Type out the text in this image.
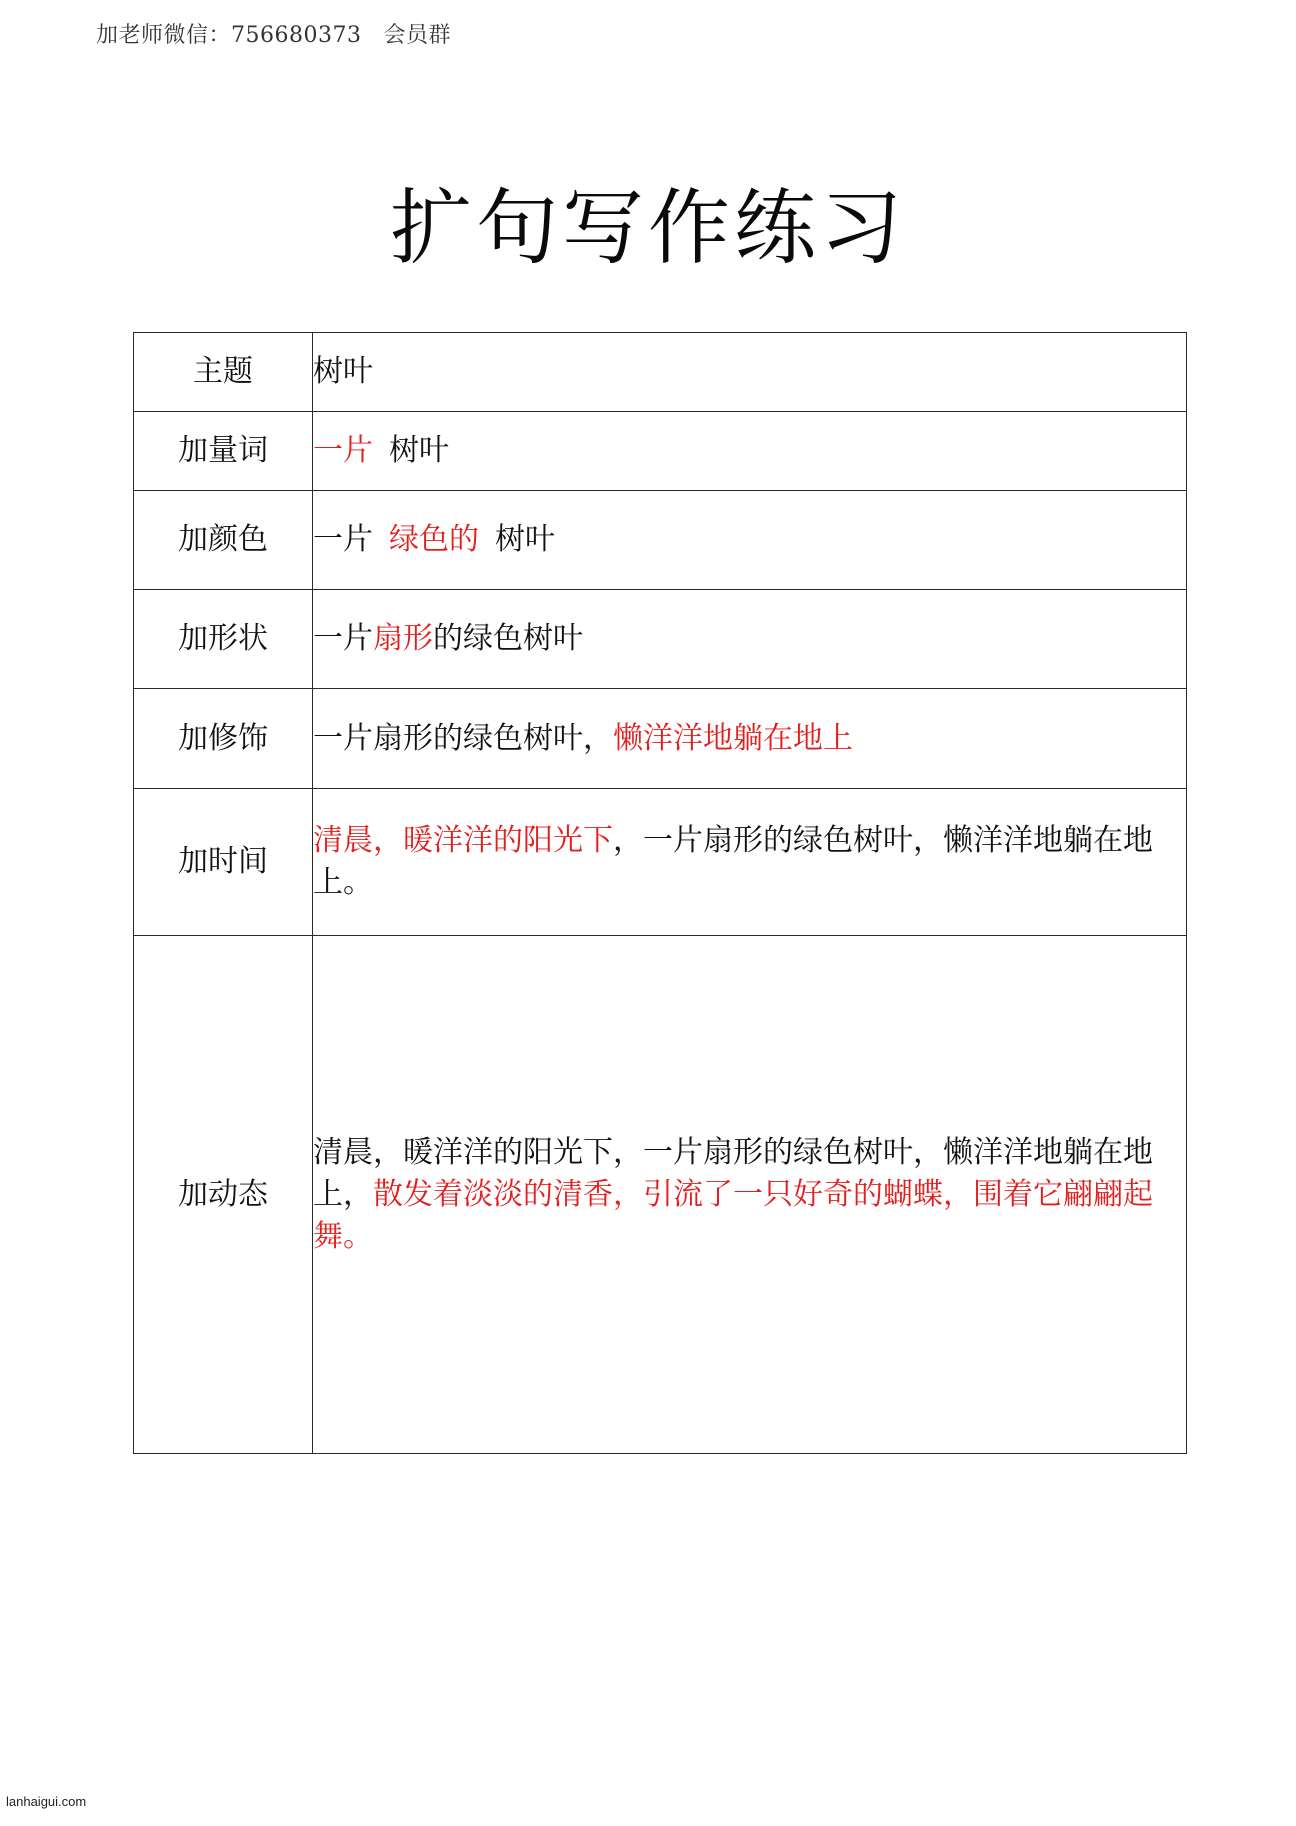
加老师微信：756680373 会员群
扩句写作练习
主题	树叶
加量词	一片 树叶
加颜色	一片 绿色的 树叶
加形状	一片扇形的绿色树叶
加修饰	一片扇形的绿色树叶，懒洋洋地躺在地上
加时间	清晨，暖洋洋的阳光下，一片扇形的绿色树叶，懒洋洋地躺在地上。

加动态	清晨，暖洋洋的阳光下，一片扇形的绿色树叶，懒洋洋地躺在地上，散发着淡淡的清香，引流了一只好奇的蝴蝶，围着它翩翩起舞。
lanhaigui.com
